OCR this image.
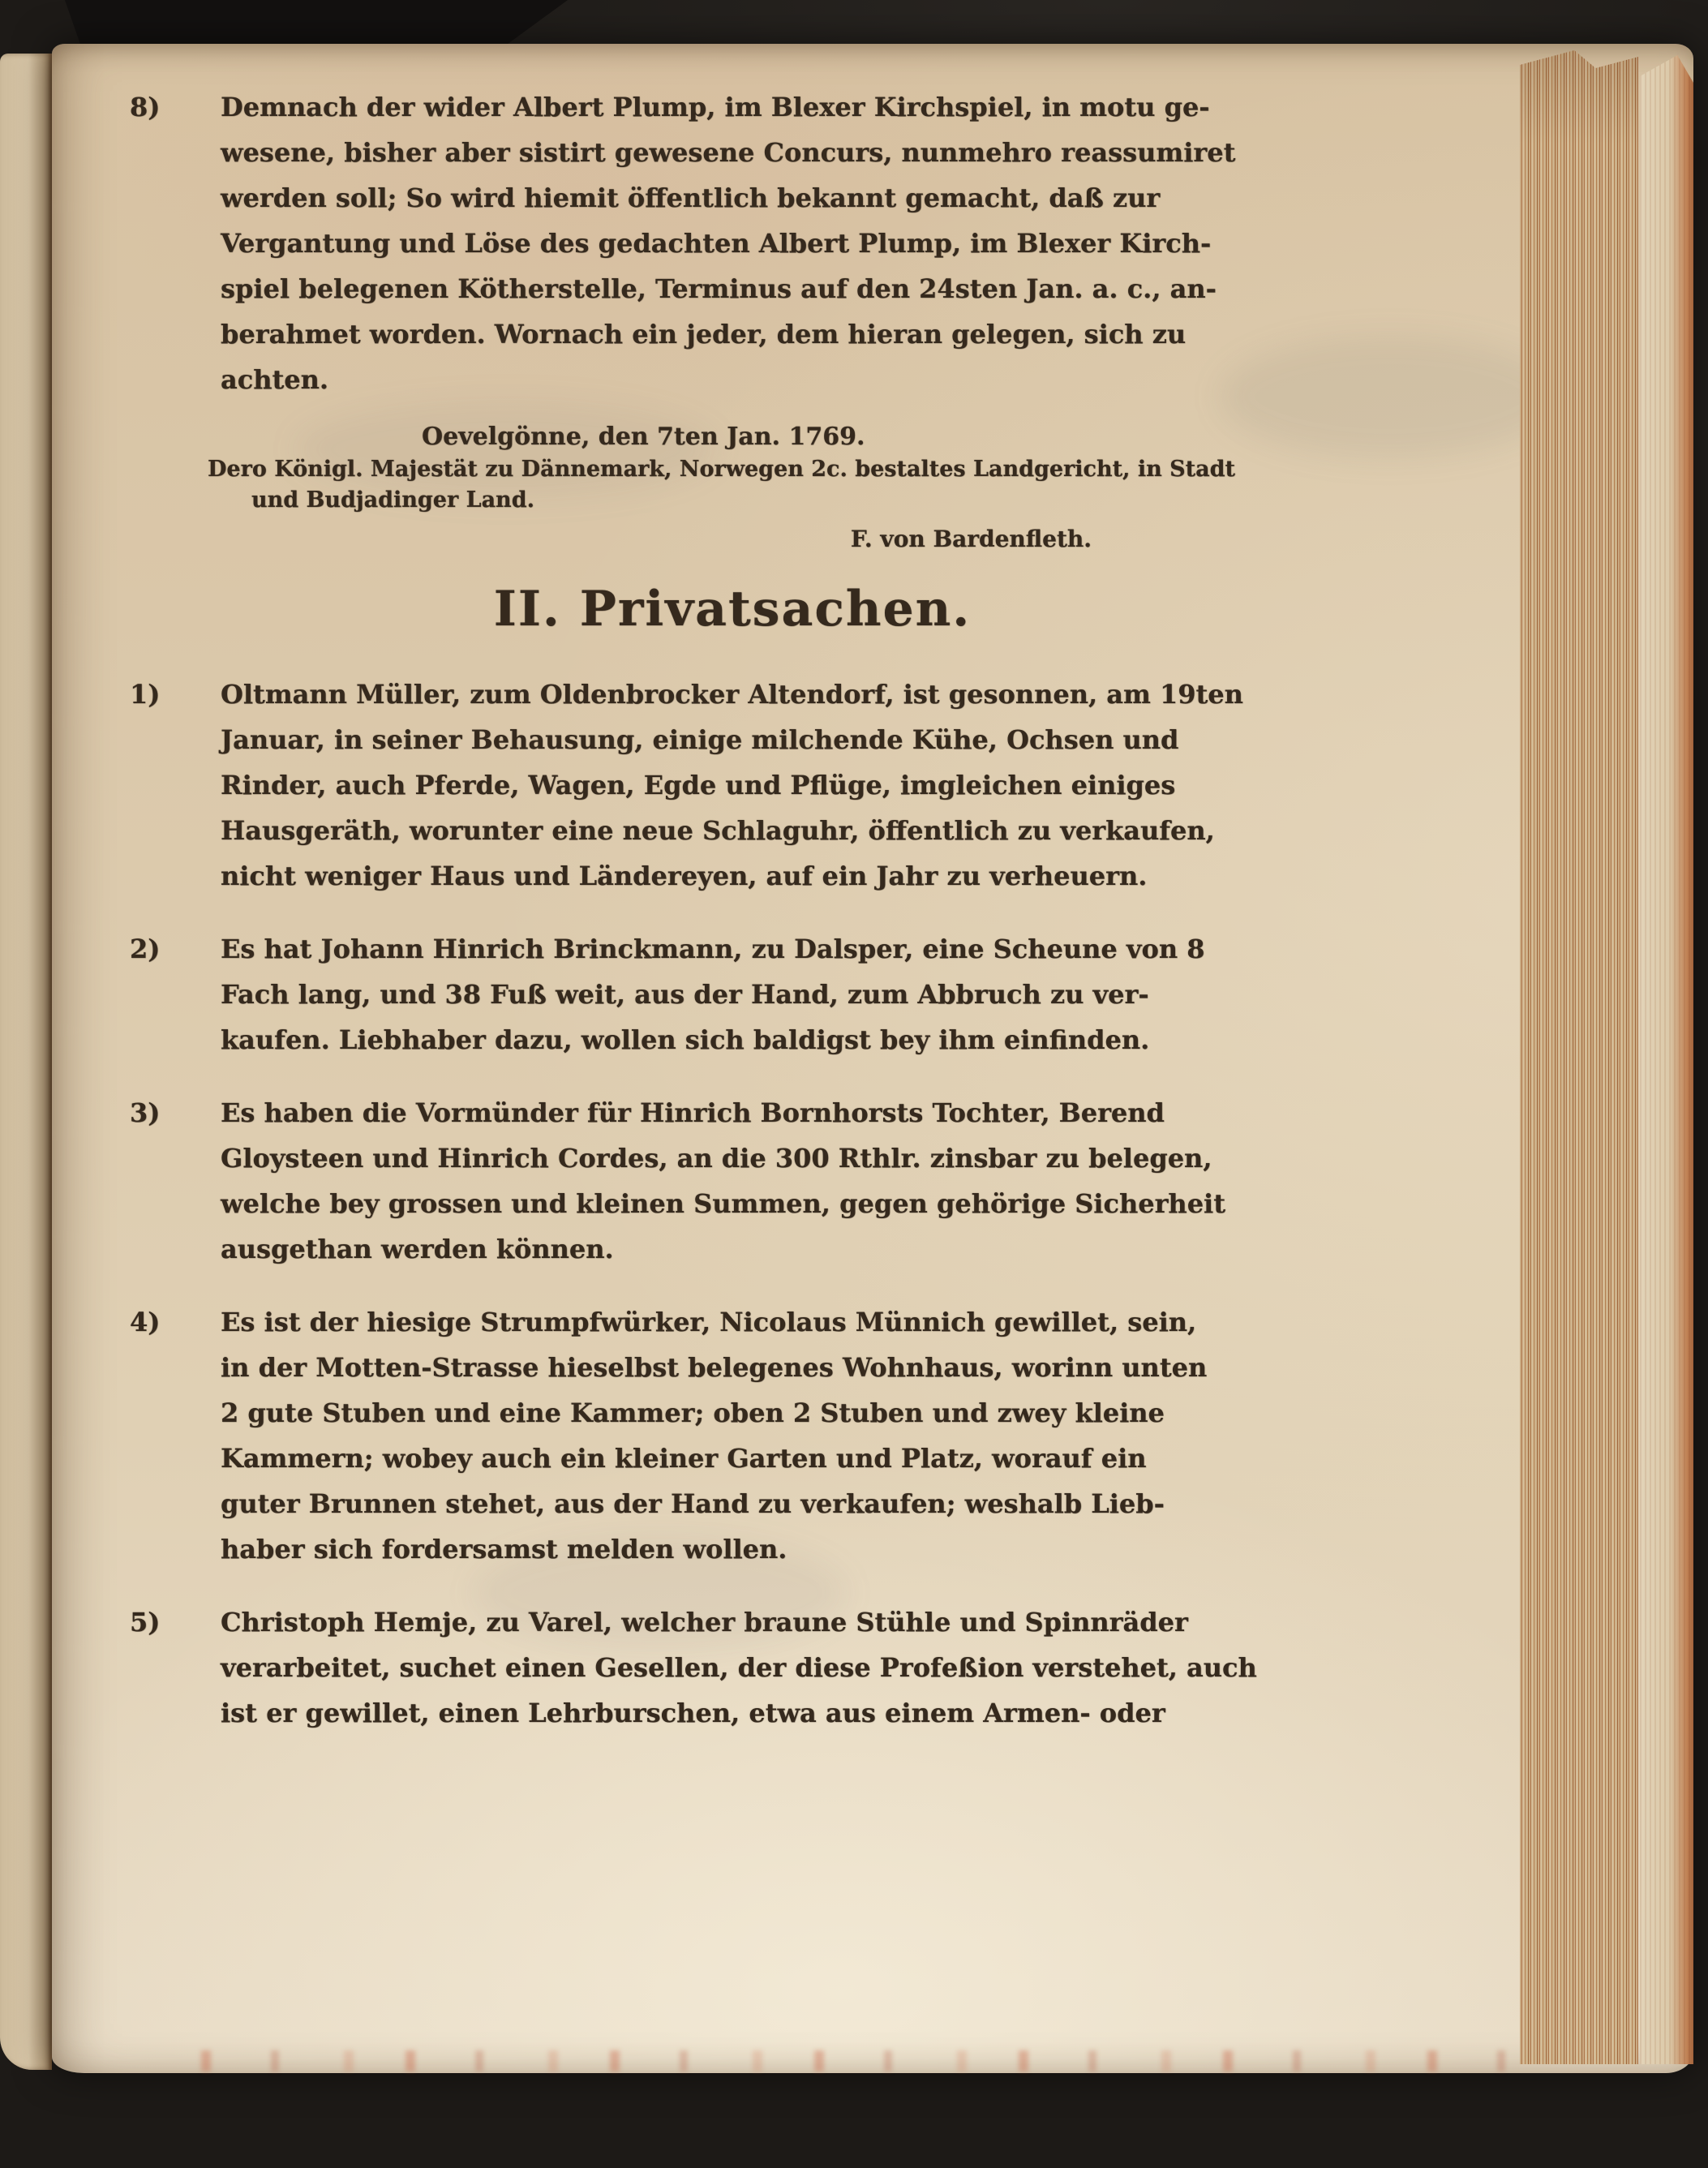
8)	Demnach der wider Albert Plump, im Blexer Kirchspiel, in motu ge-
wesene, bisher aber sistirt gewesene Concurs, nunmehro reassumiret
werden soll; So wird hiemit öffentlich bekannt gemacht, daß zur
Vergantung und Löse des gedachten Albert Plump, im Blexer Kirch-
spiel belegenen Kötherstelle, Terminus auf den 24sten Jan. a. c., an-
berahmet worden. Wornach ein jeder, dem hieran gelegen, sich zu
achten.
Oevelgönne, den 7ten Jan. 1769.
Dero Königl. Majestät zu Dännemark, Norwegen 2c. bestaltes Landgericht, in Stadt
und Budjadinger Land.
F. von Bardenfleth.
II. Privatsachen.
1)	Oltmann Müller, zum Oldenbrocker Altendorf, ist gesonnen, am 19ten
Januar, in seiner Behausung, einige milchende Kühe, Ochsen und
Rinder, auch Pferde, Wagen, Egde und Pflüge, imgleichen einiges
Hausgeräth, worunter eine neue Schlaguhr, öffentlich zu verkaufen,
nicht weniger Haus und Ländereyen, auf ein Jahr zu verheuern.
2)	Es hat Johann Hinrich Brinckmann, zu Dalsper, eine Scheune von 8
Fach lang, und 38 Fuß weit, aus der Hand, zum Abbruch zu ver-
kaufen. Liebhaber dazu, wollen sich baldigst bey ihm einfinden.
3)	Es haben die Vormünder für Hinrich Bornhorsts Tochter, Berend
Gloysteen und Hinrich Cordes, an die 300 Rthlr. zinsbar zu belegen,
welche bey grossen und kleinen Summen, gegen gehörige Sicherheit
ausgethan werden können.
4)	Es ist der hiesige Strumpfwürker, Nicolaus Münnich gewillet, sein,
in der Motten-Strasse hieselbst belegenes Wohnhaus, worinn unten
2 gute Stuben und eine Kammer; oben 2 Stuben und zwey kleine
Kammern; wobey auch ein kleiner Garten und Platz, worauf ein
guter Brunnen stehet, aus der Hand zu verkaufen; weshalb Lieb-
haber sich fordersamst melden wollen.
5)	Christoph Hemje, zu Varel, welcher braune Stühle und Spinnräder
verarbeitet, suchet einen Gesellen, der diese Profeßion verstehet, auch
ist er gewillet, einen Lehrburschen, etwa aus einem Armen- oder
